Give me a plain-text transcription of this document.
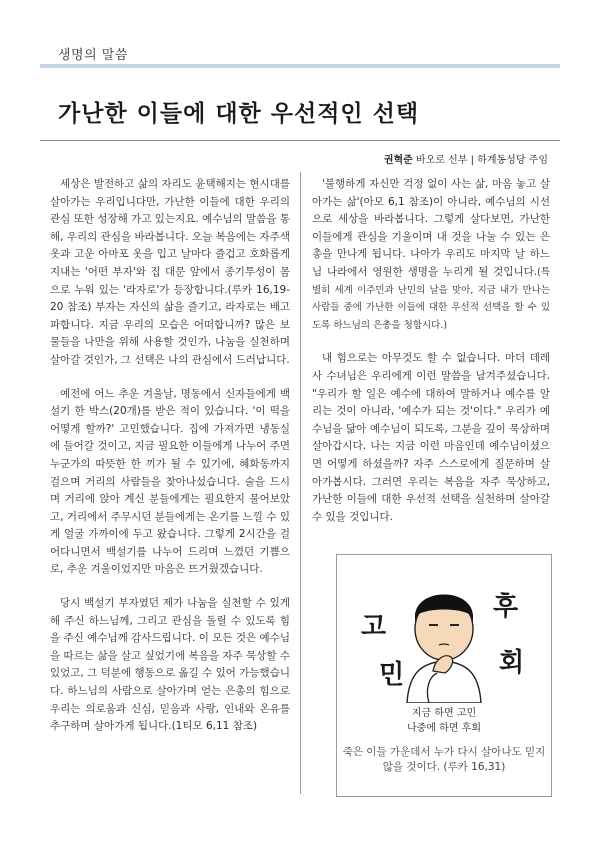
생명의 말씀
가난한 이들에 대한 우선적인 선택
권혁준 바오로 신부 | 하계동성당 주임

세상은 발전하고 삶의 자리도 윤택해지는 현시대를 살아가는 우리입니다만, 가난한 이들에 대한 우리의 관심 또한 성장해 가고 있는지요. 예수님의 말씀을 통해, 우리의 관심을 바라봅니다. 오늘 복음에는 자주색 옷과 고운 아마포 옷을 입고 날마다 즐겁고 호화롭게 지내는 '어떤 부자'와 집 대문 앞에서 종기투성이 몸으로 누워 있는 '라자로'가 등장합니다.(루카 16,19-20 참조) 부자는 자신의 삶을 즐기고, 라자로는 배고파합니다. 지금 우리의 모습은 어떠합니까? 많은 보물들을 나만을 위해 사용할 것인가, 나눔을 실천하며 살아갈 것인가, 그 선택은 나의 관심에서 드러납니다.

예전에 어느 추운 겨울날, 명동에서 신자들에게 백설기 한 박스(20개)를 받은 적이 있습니다. '이 떡을 어떻게 할까?' 고민했습니다. 집에 가져가면 냉동실에 들어갈 것이고, 지금 필요한 이들에게 나누어 주면 누군가의 따뜻한 한 끼가 될 수 있기에, 혜화동까지 걸으며 거리의 사람들을 찾아나섰습니다. 술을 드시며 거리에 앉아 계신 분들에게는 필요한지 물어보았고, 거리에서 주무시던 분들에게는 온기를 느낄 수 있게 얼굴 가까이에 두고 왔습니다. 그렇게 2시간을 걸어다니면서 백설기를 나누어 드리며 느꼈던 기쁨으로, 추운 겨울이었지만 마음은 뜨거웠겠습니다.

당시 백설기 부자였던 제가 나눔을 실천할 수 있게 해 주신 하느님께, 그리고 관심을 돌릴 수 있도록 힘을 주신 예수님께 감사드립니다. 이 모든 것은 예수님을 따르는 삶을 살고 싶었기에 복음을 자주 묵상할 수 있었고, 그 덕분에 행동으로 옮길 수 있어 가능했습니다. 하느님의 사람으로 살아가며 얻는 은총의 힘으로 우리는 의로움과 신심, 믿음과 사랑, 인내와 온유를 추구하며 살아가게 됩니다.(1티모 6,11 참조)

'불행하게 자신만 걱정 없이 사는 삶, 마음 놓고 살아가는 삶'(아모 6,1 참조)이 아니라, 예수님의 시선으로 세상을 바라봅니다. 그렇게 살다보면, 가난한 이들에게 관심을 기울이며 내 것을 나눌 수 있는 은총을 만나게 됩니다. 나아가 우리도 마지막 날 하느님 나라에서 영원한 생명을 누리게 될 것입니다.(특별히 세계 이주민과 난민의 날을 맞아, 지금 내가 만나는 사람들 중에 가난한 이들에 대한 우선적 선택을 할 수 있도록 하느님의 은총을 청합시다.)

내 힘으로는 아무것도 할 수 없습니다. 마더 데레사 수녀님은 우리에게 이런 말씀을 남겨주셨습니다. "우리가 할 일은 예수에 대하여 말하거나 예수를 알리는 것이 아니라, '예수가 되는 것'이다." 우리가 예수님을 닮아 예수님이 되도록, 그분을 깊이 묵상하며 살아갑시다. 나는 지금 이런 마음인데 예수님이셨으면 어떻게 하셨을까? 자주 스스로에게 질문하며 살아가봅시다. 그러면 우리는 복음을 자주 묵상하고, 가난한 이들에 대한 우선적 선택을 실천하며 살아갈 수 있을 것입니다.

고
민
후
회
지금 하면 고민
나중에 하면 후회
죽은 이들 가운데서 누가 다시 살아나도 믿지 않을 것이다. (루카 16,31)
